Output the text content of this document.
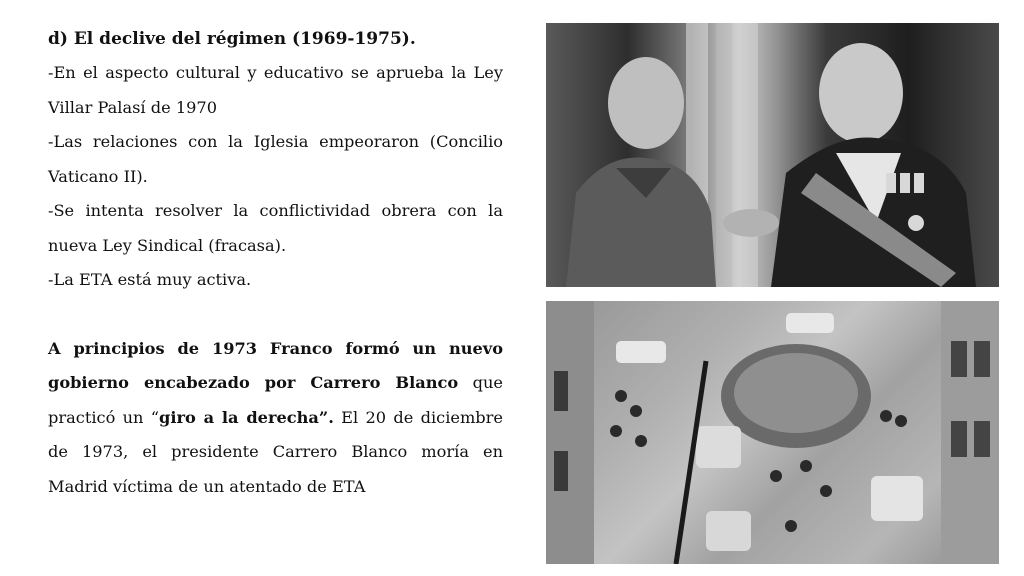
d) El declive del régimen (1969-1975).

-En el aspecto cultural y educativo se aprueba la Ley Villar Palasí de 1970

-Las relaciones con la Iglesia empeoraron (Concilio Vaticano II).

-Se intenta resolver la conflictividad obrera con la nueva Ley Sindical (fracasa).

-La ETA está muy activa.

A principios de 1973 Franco formó un nuevo gobierno encabezado por Carrero Blanco que practicó un “giro a la derecha”. El 20 de diciembre de 1973, el presidente Carrero Blanco moría en Madrid víctima de un atentado de ETA
